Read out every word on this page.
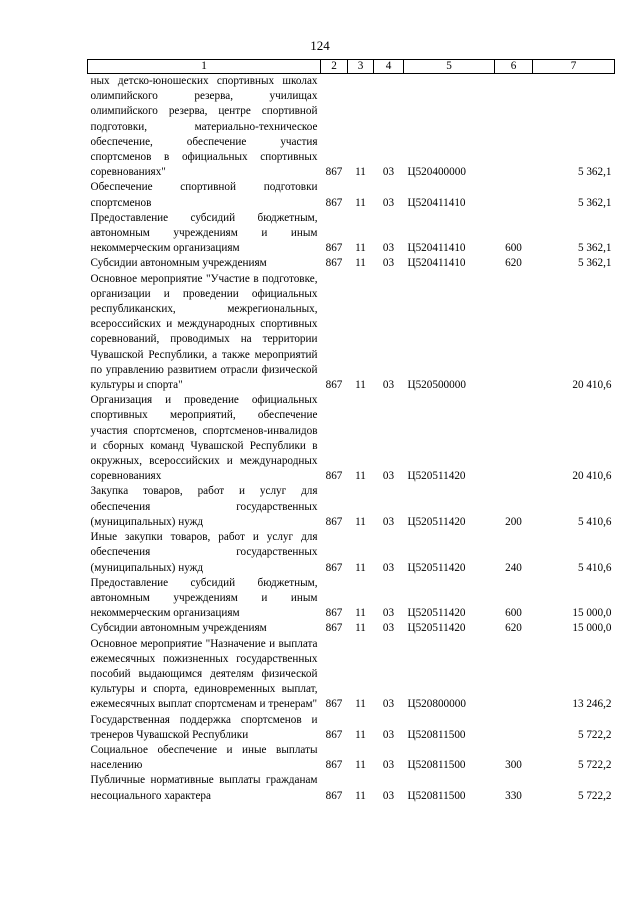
124
1	2	3	4	5	6	7
ных детско-юношеских спортивных школах олимпийского резерва, училищах олимпийского резерва, центре спортивной подготовки, материально-техническое обеспечение, обеспечение участия спортсменов в официальных спортивных соревнованиях"	867	11	03	Ц520400000		5 362,1
Обеспечение спортивной подготовки спортсменов	867	11	03	Ц520411410		5 362,1
Предоставление субсидий бюджетным, автономным учреждениям и иным некоммерческим организациям	867	11	03	Ц520411410	600	5 362,1
Субсидии автономным учреждениям	867	11	03	Ц520411410	620	5 362,1
Основное мероприятие "Участие в подготовке, организации и проведении официальных республиканских, межрегиональных, всероссийских и международных спортивных соревнований, проводимых на территории Чувашской Республики, а также мероприятий по управлению развитием отрасли физической культуры и спорта"	867	11	03	Ц520500000		20 410,6
Организация и проведение официальных спортивных мероприятий, обеспечение участия спортсменов, спортсменов-инвалидов и сборных команд Чувашской Республики в окружных, всероссийских и международных соревнованиях	867	11	03	Ц520511420		20 410,6
Закупка товаров, работ и услуг для обеспечения государственных (муниципальных) нужд	867	11	03	Ц520511420	200	5 410,6
Иные закупки товаров, работ и услуг для обеспечения государственных (муниципальных) нужд	867	11	03	Ц520511420	240	5 410,6
Предоставление субсидий бюджетным, автономным учреждениям и иным некоммерческим организациям	867	11	03	Ц520511420	600	15 000,0
Субсидии автономным учреждениям	867	11	03	Ц520511420	620	15 000,0
Основное мероприятие "Назначение и выплата ежемесячных пожизненных государственных пособий выдающимся деятелям физической культуры и спорта, единовременных выплат, ежемесячных выплат спортсменам и тренерам"	867	11	03	Ц520800000		13 246,2
Государственная поддержка спортсменов и тренеров Чувашской Республики	867	11	03	Ц520811500		5 722,2
Социальное обеспечение и иные выплаты населению	867	11	03	Ц520811500	300	5 722,2
Публичные нормативные выплаты гражданам несоциального характера	867	11	03	Ц520811500	330	5 722,2
